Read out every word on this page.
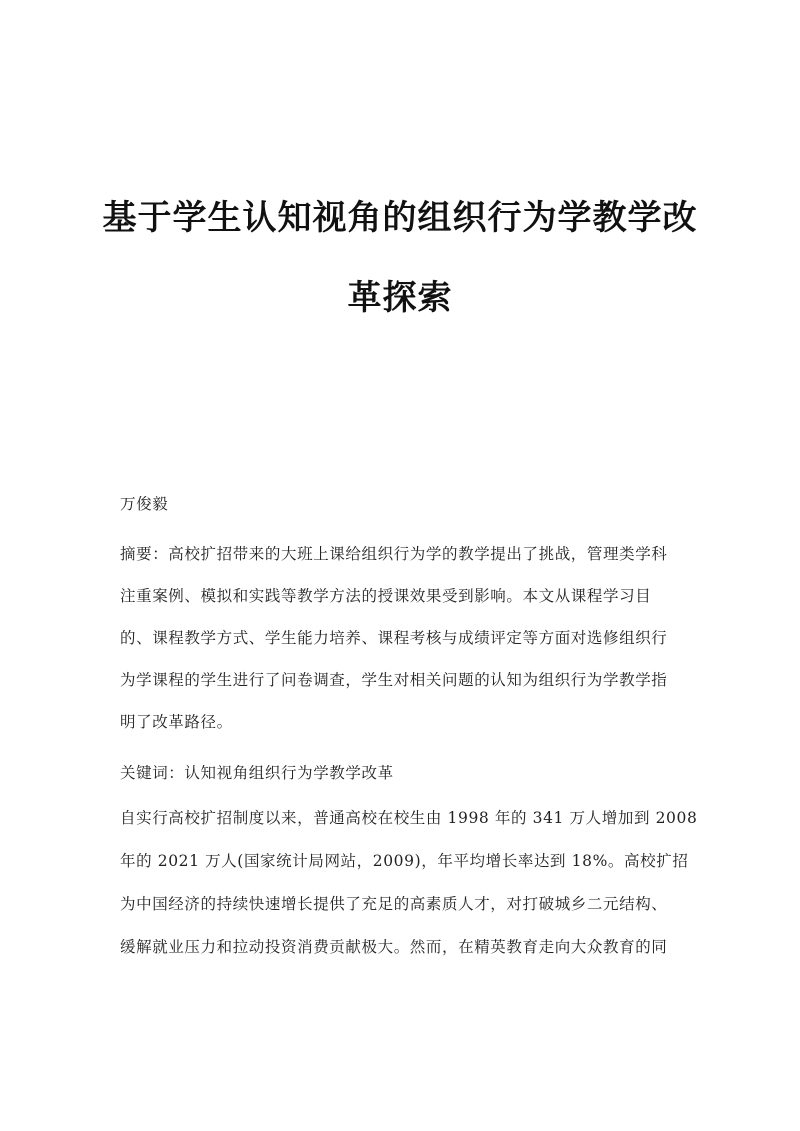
基于学生认知视角的组织行为学教学改
革探索
万俊毅
摘要：高校扩招带来的大班上课给组织行为学的教学提出了挑战，管理类学科
注重案例、模拟和实践等教学方法的授课效果受到影响。本文从课程学习目
的、课程教学方式、学生能力培养、课程考核与成绩评定等方面对选修组织行
为学课程的学生进行了问卷调查，学生对相关问题的认知为组织行为学教学指
明了改革路径。
关键词：认知视角组织行为学教学改革
自实行高校扩招制度以来，普通高校在校生由 1998 年的 341 万人增加到 2008
年的 2021 万人(国家统计局网站，2009)，年平均增长率达到 18%。高校扩招
为中国经济的持续快速增长提供了充足的高素质人才，对打破城乡二元结构、
缓解就业压力和拉动投资消费贡献极大。然而，在精英教育走向大众教育的同
